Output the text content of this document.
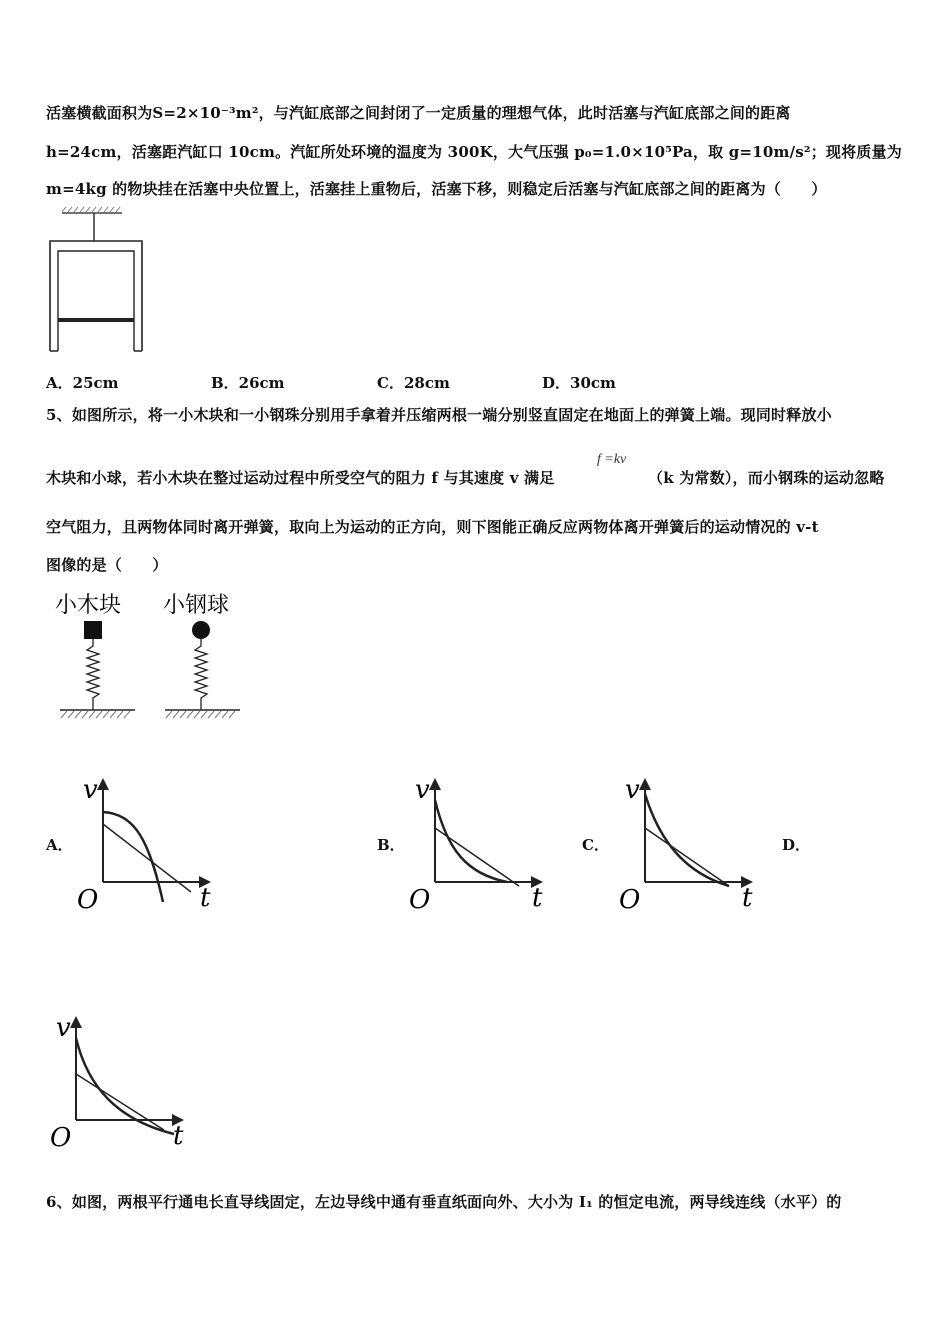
活塞横截面积为S=2×10⁻³m²，与汽缸底部之间封闭了一定质量的理想气体，此时活塞与汽缸底部之间的距离
h=24cm，活塞距汽缸口 10cm。汽缸所处环境的温度为 300K，大气压强 p₀=1.0×10⁵Pa，取 g=10m/s²；现将质量为
m=4kg 的物块挂在活塞中央位置上，活塞挂上重物后，活塞下移，则稳定后活塞与汽缸底部之间的距离为（　　）
A．25cm	B．26cm	C．28cm	D．30cm
5、如图所示，将一小木块和一小钢珠分别用手拿着并压缩两根一端分别竖直固定在地面上的弹簧上端。现同时释放小
木块和小球，若小木块在整过运动过程中所受空气的阻力 f 与其速度 v 满足
f =kv
（k 为常数），而小钢珠的运动忽略
空气阻力，且两物体同时离开弹簧，取向上为运动的正方向，则下图能正确反应两物体离开弹簧后的运动情况的 v-t
图像的是（　　）
小木块 小钢球
A．	B．	C．	D．
v
t
O
v
t
O
v
t
O
v
t
O
6、如图，两根平行通电长直导线固定，左边导线中通有垂直纸面向外、大小为 I₁ 的恒定电流，两导线连线（水平）的
